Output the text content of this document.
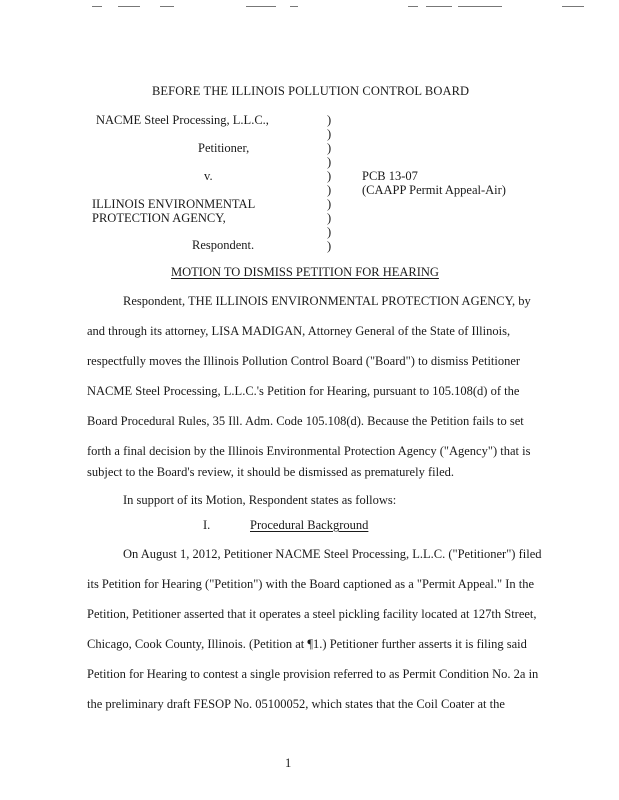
BEFORE THE ILLINOIS POLLUTION CONTROL BOARD
NACME Steel Processing, L.L.C.,
Petitioner,
v.
ILLINOIS ENVIRONMENTAL
PROTECTION AGENCY,
Respondent.
PCB 13-07
(CAAPP Permit Appeal-Air)
)
)
)
)
)
)
)
)
)
)
MOTION TO DISMISS PETITION FOR HEARING
Respondent, THE ILLINOIS ENVIRONMENTAL PROTECTION AGENCY, by
and through its attorney, LISA MADIGAN, Attorney General of the State of Illinois,
respectfully moves the Illinois Pollution Control Board ("Board") to dismiss Petitioner
NACME Steel Processing, L.L.C.'s Petition for Hearing, pursuant to 105.108(d) of the
Board Procedural Rules, 35 Ill. Adm. Code 105.108(d). Because the Petition fails to set
forth a final decision by the Illinois Environmental Protection Agency ("Agency") that is
subject to the Board's review, it should be dismissed as prematurely filed.
In support of its Motion, Respondent states as follows:
I.	Procedural Background
On August 1, 2012, Petitioner NACME Steel Processing, L.L.C. ("Petitioner") filed
its Petition for Hearing ("Petition") with the Board captioned as a "Permit Appeal." In the
Petition, Petitioner asserted that it operates a steel pickling facility located at 127th Street,
Chicago, Cook County, Illinois. (Petition at ¶1.) Petitioner further asserts it is filing said
Petition for Hearing to contest a single provision referred to as Permit Condition No. 2a in
the preliminary draft FESOP No. 05100052, which states that the Coil Coater at the
1
